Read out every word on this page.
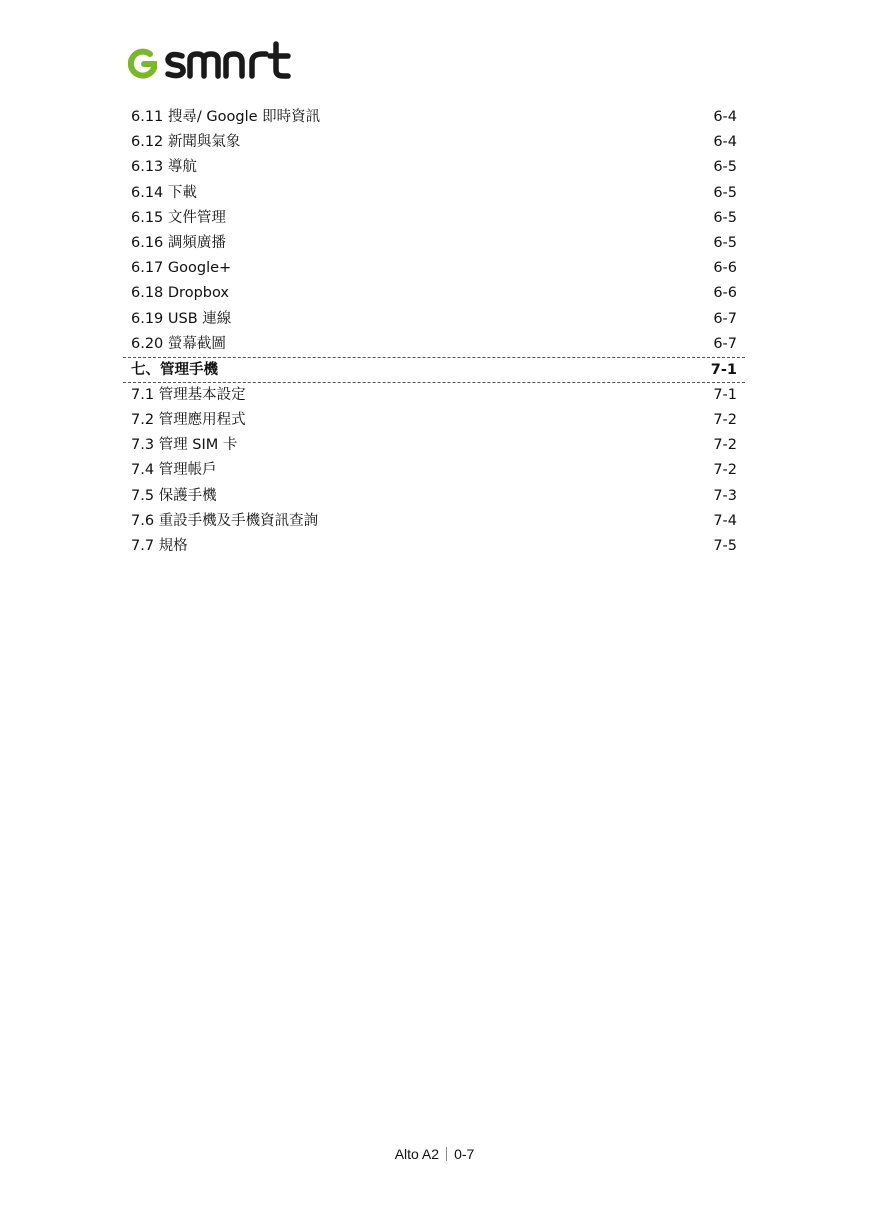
6.11 搜尋/ Google 即時資訊	6-4
6.12 新聞與氣象	6-4
6.13 導航	6-5
6.14 下載	6-5
6.15 文件管理	6-5
6.16 調頻廣播	6-5
6.17 Google+	6-6
6.18 Dropbox	6-6
6.19 USB 連線	6-7
6.20 螢幕截圖	6-7
七、管理手機	7-1
7.1 管理基本設定	7-1
7.2 管理應用程式	7-2
7.3 管理 SIM 卡	7-2
7.4 管理帳戶	7-2
7.5 保護手機	7-3
7.6 重設手機及手機資訊查詢	7-4
7.7 規格	7-5
Alto A2 0-7
